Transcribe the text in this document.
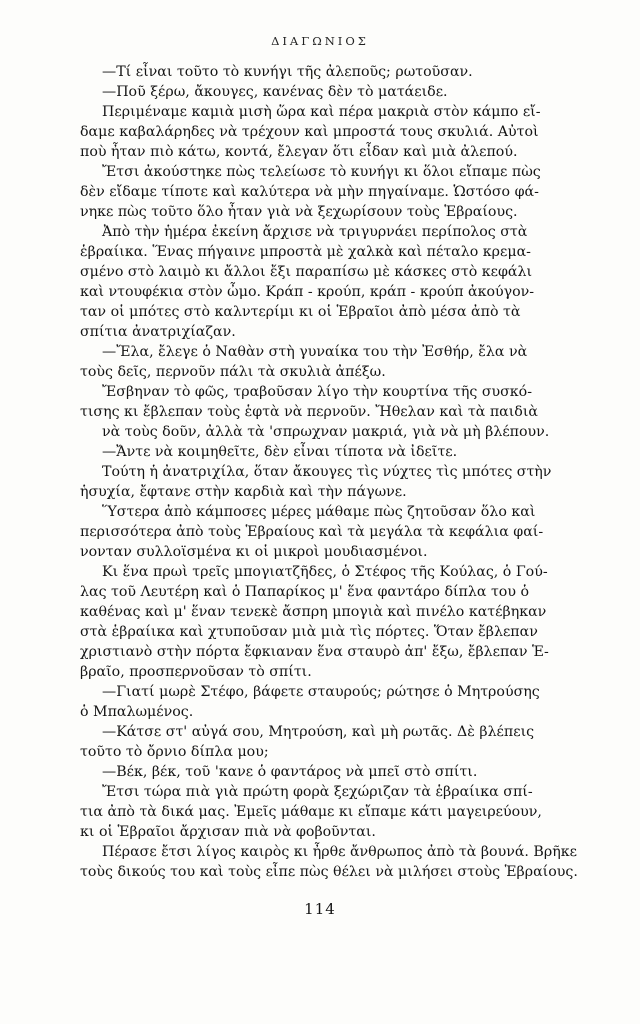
ΔΙΑΓΩΝΙΟΣ
—Τί εἶναι τοῦτο τὸ κυνήγι τῆς ἀλεποῦς; ρωτοῦσαν.
—Ποῦ ξέρω, ἄκουγες, κανένας δὲν τὸ ματάειδε.
Περιμέναμε καμιὰ μισὴ ὥρα καὶ πέρα μακριὰ στὸν κάμπο εἴ-
δαμε καβαλάρηδες νὰ τρέχουν καὶ μπροστά τους σκυλιά. Αὐτοὶ
ποὺ ἦταν πιὸ κάτω, κοντά, ἔλεγαν ὅτι εἶδαν καὶ μιὰ ἀλεπού.
Ἔτσι ἀκούστηκε πὼς τελείωσε τὸ κυνήγι κι ὅλοι εἴπαμε πὼς
δὲν εἴδαμε τίποτε καὶ καλύτερα νὰ μὴν πηγαίναμε. Ὡστόσο φά-
νηκε πὼς τοῦτο ὅλο ἦταν γιὰ νὰ ξεχωρίσουν τοὺς Ἑβραίους.
Ἀπὸ τὴν ἡμέρα ἐκείνη ἄρχισε νὰ τριγυρνάει περίπολος στὰ
ἑβραίικα. Ἕνας πήγαινε μπροστὰ μὲ χαλκὰ καὶ πέταλο κρεμα-
σμένο στὸ λαιμὸ κι ἄλλοι ἔξι παραπίσω μὲ κάσκες στὸ κεφάλι
καὶ ντουφέκια στὸν ὦμο. Κράπ - κρούπ, κράπ - κρούπ ἀκούγον-
ταν οἱ μπότες στὸ καλντερίμι κι οἱ Ἑβραῖοι ἀπὸ μέσα ἀπὸ τὰ
σπίτια ἀνατριχίαζαν.
—Ἔλα, ἔλεγε ὁ Ναθὰν στὴ γυναίκα του τὴν Ἐσθήρ, ἔλα νὰ
τοὺς δεῖς, περνοῦν πάλι τὰ σκυλιὰ ἀπέξω.
Ἔσβηναν τὸ φῶς, τραβοῦσαν λίγο τὴν κουρτίνα τῆς συσκό-
τισης κι ἔβλεπαν τοὺς ἑφτὰ νὰ περνοῦν. Ἤθελαν καὶ τὰ παιδιὰ
νὰ τοὺς δοῦν, ἀλλὰ τὰ 'σπρωχναν μακριά, γιὰ νὰ μὴ βλέπουν.
—Ἄντε νὰ κοιμηθεῖτε, δὲν εἶναι τίποτα νὰ ἰδεῖτε.
Τούτη ἡ ἀνατριχίλα, ὅταν ἄκουγες τὶς νύχτες τὶς μπότες στὴν
ἡσυχία, ἔφτανε στὴν καρδιὰ καὶ τὴν πάγωνε.
Ὕστερα ἀπὸ κάμποσες μέρες μάθαμε πὼς ζητοῦσαν ὅλο καὶ
περισσότερα ἀπὸ τοὺς Ἑβραίους καὶ τὰ μεγάλα τὰ κεφάλια φαί-
νονταν συλλοϊσμένα κι οἱ μικροὶ μουδιασμένοι.
Κι ἕνα πρωὶ τρεῖς μπογιατζῆδες, ὁ Στέφος τῆς Κούλας, ὁ Γού-
λας τοῦ Λευτέρη καὶ ὁ Παπαρίκος μ' ἕνα φαντάρο δίπλα του ὁ
καθένας καὶ μ' ἕναν τενεκὲ ἄσπρη μπογιὰ καὶ πινέλο κατέβηκαν
στὰ ἑβραίικα καὶ χτυποῦσαν μιὰ μιὰ τὶς πόρτες. Ὅταν ἔβλεπαν
χριστιανὸ στὴν πόρτα ἔφκιαναν ἕνα σταυρὸ ἀπ' ἔξω, ἔβλεπαν Ἑ-
βραῖο, προσπερνοῦσαν τὸ σπίτι.
—Γιατί μωρὲ Στέφο, βάφετε σταυρούς; ρώτησε ὁ Μητρούσης
ὁ Μπαλωμένος.
—Κάτσε στ' αὐγά σου, Μητρούση, καὶ μὴ ρωτᾶς. Δὲ βλέπεις
τοῦτο τὸ ὄρνιο δίπλα μου;
—Βέκ, βέκ, τοῦ 'κανε ὁ φαντάρος νὰ μπεῖ στὸ σπίτι.
Ἔτσι τώρα πιὰ γιὰ πρώτη φορὰ ξεχώριζαν τὰ ἑβραίικα σπί-
τια ἀπὸ τὰ δικά μας. Ἐμεῖς μάθαμε κι εἴπαμε κάτι μαγειρεύουν,
κι οἱ Ἑβραῖοι ἄρχισαν πιὰ νὰ φοβοῦνται.
Πέρασε ἔτσι λίγος καιρὸς κι ἦρθε ἄνθρωπος ἀπὸ τὰ βουνά. Βρῆκε
τοὺς δικούς του καὶ τοὺς εἶπε πὼς θέλει νὰ μιλήσει στοὺς Ἑβραίους.
114
